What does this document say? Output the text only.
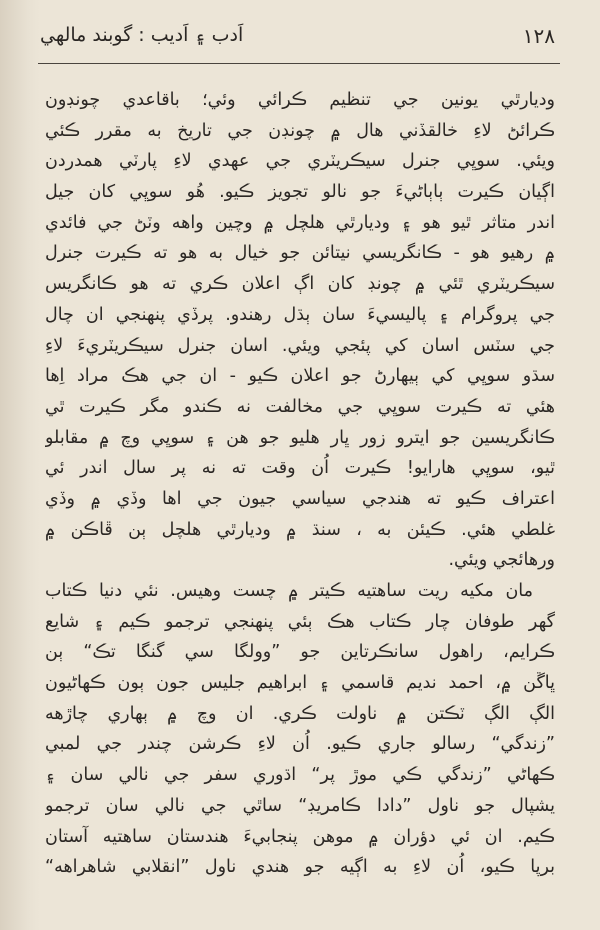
١٢٨
اَدب ۽ اَديب : گوبند مالهي
وديارٿي يونين جي تنظيم ڪرائي وئي؛ باقاعدي چونڊون
ڪرائڻ لاءِ خالقڏني هال ۾ چونڊن جي تاريخ به مقرر ڪئي
ويئي. سوڀي جنرل سيڪريٽري جي عهدي لاءِ پارٽي همدردن
اڳيان ڪيرت ٻاٻاڻيءَ جو نالو تجويز ڪيو. هُو سوڀي کان جيل
اندر متاثر ٿيو هو ۽ وديارٿي هلچل ۾ وچين واهه وٽڻ جي فائدي
۾ رهيو هو - ڪانگريسي نيتائن جو خيال به هو ته ڪيرت جنرل
سيڪريٽري ٿئي ۾ چونڊ کان اڳ اعلان ڪري ته هو ڪانگريس
جي پروگرام ۽ پاليسيءَ سان ٻڌل رهندو. پرڏي پنهنجي ان چال
جي سٽس اسان کي پئجي ويئي. اسان جنرل سيڪريٽريءَ لاءِ
سڌو سوڀي کي ٻيهارڻ جو اعلان ڪيو - ان جي هڪ مراد اِها
هئي ته ڪيرت سوڀي جي مخالفت نه ڪندو مگر ڪيرت ٿي
ڪانگريسين جو ايترو زور ڀار هليو جو هن ۽ سوڀي وچ ۾ مقابلو
ٿيو، سوڀي هارايو! ڪيرت اُن وقت ته نه پر سال اندر ئي
اعتراف ڪيو ته هندجي سياسي جيون جي اها وڏي ۾ وڏي
غلطي هئي. ڪيئن به ، سنڌ ۾ وديارٿي هلچل ٻن ڦاڪن ۾
ورهائجي ويئي.
مان مکيه ريت ساهتيه ڪيتر ۾ چست وهيس. نئي دنيا ڪتاب
گهر طوفان چار ڪتاب هڪ ٻئي پنهنجي ترجمو ڪيم ۽ شايع
ڪرايم، راهول سانڪرتاين جو ”وولگا سي گنگا تڪ“ ٻن
ڀاڱن ۾، احمد نديم قاسمي ۽ ابراهيم جليس جون ٻون ڪهاڻيون
الڳ الڳ ٽڪتن ۾ ناولت ڪري. ان وچ ۾ ٻهاري چاڙهه
”زندگي“ رسالو جاري ڪيو. اُن لاءِ ڪرشن چندر جي لمبي
ڪهاڻي ”زندگي ڪي موڙ پر“ اڌوري سفر جي نالي سان ۽
يشپال جو ناول ”دادا ڪامريڊ“ ساٿي جي نالي سان ترجمو
ڪيم. ان ئي دؤران ۾ موهن پنجابيءَ هندستان ساهتيه آستان
برپا ڪيو، اُن لاءِ به اڳيه جو هندي ناول ”انقلابي شاهراهه“
